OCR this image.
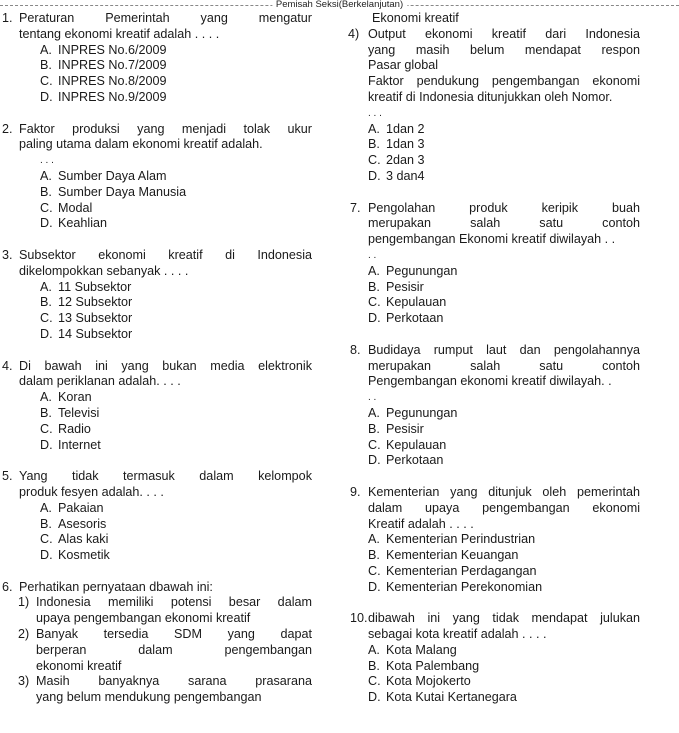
Pemisah Seksi(Berkelanjutan)
1. Peraturan Pemerintah yang mengatur
tentang ekonomi kreatif adalah . . . .
A. INPRES No.6/2009
B. INPRES No.7/2009
C. INPRES No.8/2009
D. INPRES No.9/2009
2. Faktor produksi yang menjadi tolak ukur
paling utama dalam ekonomi kreatif adalah.
. . .
A. Sumber Daya Alam
B. Sumber Daya Manusia
C. Modal
D. Keahlian
3. Subsektor ekonomi kreatif di Indonesia
dikelompokkan sebanyak . . . .
A. 11 Subsektor
B. 12 Subsektor
C. 13 Subsektor
D. 14 Subsektor
4. Di bawah ini yang bukan media elektronik
dalam periklanan adalah. . . .
A. Koran
B. Televisi
C. Radio
D. Internet
5. Yang tidak termasuk dalam kelompok
produk fesyen adalah. . . .
A. Pakaian
B. Asesoris
C. Alas kaki
D. Kosmetik
6. Perhatikan pernyataan dbawah ini:
1) Indonesia memiliki potensi besar dalam
upaya pengembangan ekonomi kreatif
2) Banyak tersedia SDM yang dapat
berperan dalam pengembangan
ekonomi kreatif
3) Masih banyaknya sarana prasarana
yang belum mendukung pengembangan
Ekonomi kreatif
4) Output ekonomi kreatif dari Indonesia
yang masih belum mendapat respon
Pasar global
Faktor pendukung pengembangan ekonomi
kreatif di Indonesia ditunjukkan oleh Nomor.
. . .
A. 1dan 2
B. 1dan 3
C. 2dan 3
D. 3 dan4
7. Pengolahan produk keripik buah
merupakan salah satu contoh
pengembangan Ekonomi kreatif diwilayah . .
. .
A. Pegunungan
B. Pesisir
C. Kepulauan
D. Perkotaan
8. Budidaya rumput laut dan pengolahannya
merupakan salah satu contoh
Pengembangan ekonomi kreatif diwilayah. .
. .
A. Pegunungan
B. Pesisir
C. Kepulauan
D. Perkotaan
9. Kementerian yang ditunjuk oleh pemerintah
dalam upaya pengembangan ekonomi
Kreatif adalah . . . .
A. Kementerian Perindustrian
B. Kementerian Keuangan
C. Kementerian Perdagangan
D. Kementerian Perekonomian
10. dibawah ini yang tidak mendapat julukan
sebagai kota kreatif adalah . . . .
A. Kota Malang
B. Kota Palembang
C. Kota Mojokerto
D. Kota Kutai Kertanegara
